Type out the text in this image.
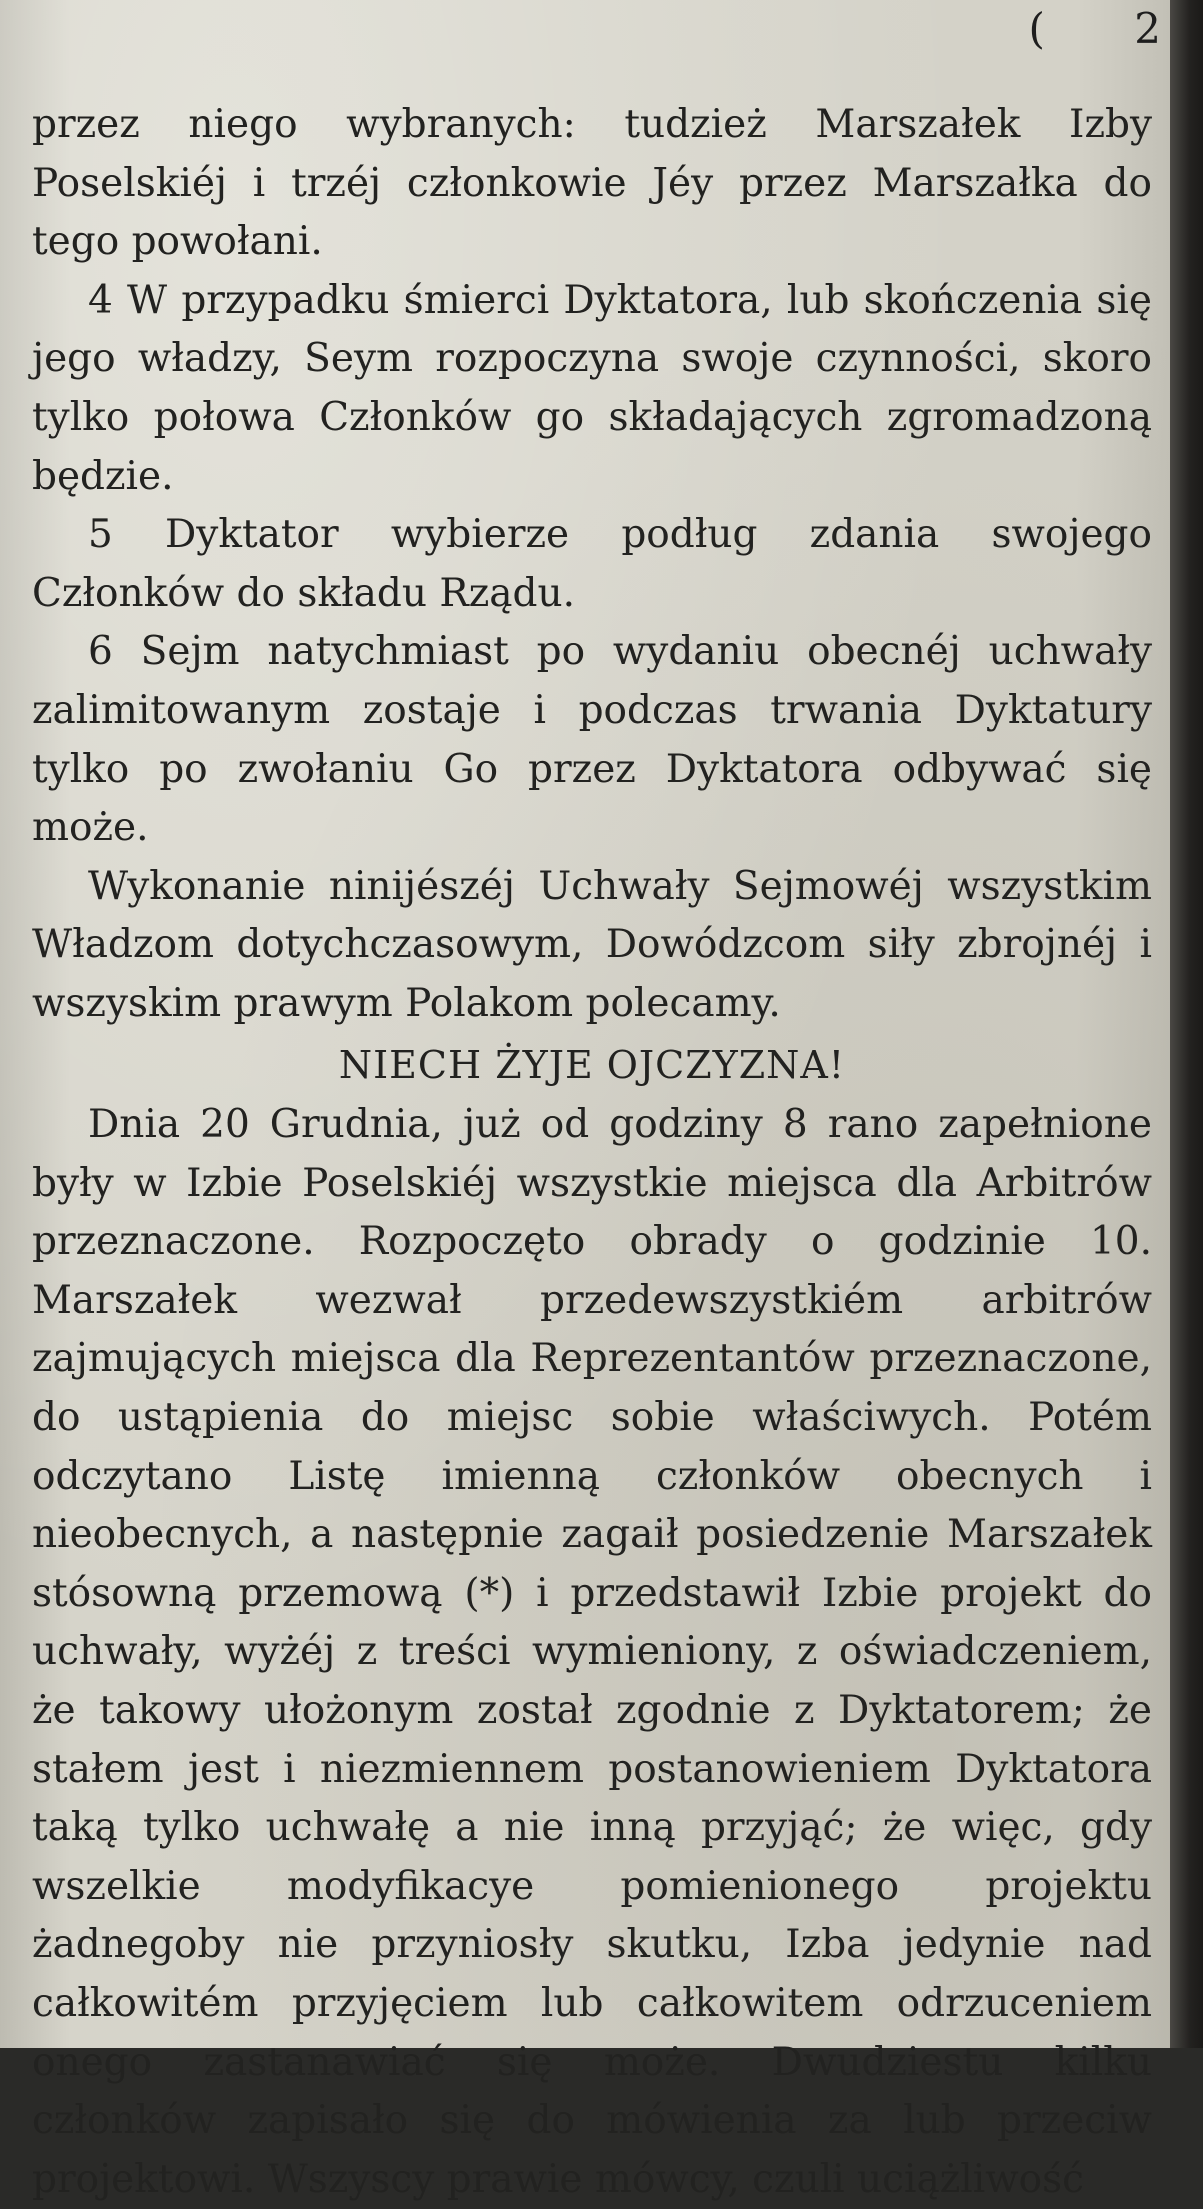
przez niego wybranych: tudzież Marszałek Izby Poselskiéj i trzéj członkowie Jéy przez Marszałka do tego powołani.

4 W przypadku śmierci Dyktatora, lub skończenia się jego władzy, Seym rozpoczyna swoje czynności, skoro tylko połowa Członków go składających zgromadzoną będzie.

5 Dyktator wybierze podług zdania swojego Członków do składu Rządu.

6 Sejm natychmiast po wydaniu obecnéj uchwały zalimitowanym zostaje i podczas trwania Dyktatury tylko po zwołaniu Go przez Dyktatora odbywać się może.

Wykonanie niniјészéj Uchwały Sejmowéj wszystkim Władzom dotychczasowym, Dowódzcom siły zbrojnéj i wszyskim prawym Polakom polecamy.

NIECH ŻYJE OJCZYZNA!

Dnia 20 Grudnia, już od godziny 8 rano zapełnione były w Izbie Poselskiéj wszystkie miejsca dla Arbitrów przeznaczone. Rozpoczęto obrady o godzinie 10. Marszałek wezwał przedewszystkiém arbitrów zajmujących miejsca dla Reprezentantów przeznaczone, do ustąpienia do miejsc sobie właściwych. Potém odczytano Listę imienną członków obecnych i nieobecnych, a następnie zagaił posiedzenie Marszałek stósowną przemową (*) i przedstawił Izbie projekt do uchwały, wyżéj z treści wymieniony, z oświadczeniem, że takowy ułożonym został zgodnie z Dyktatorem; że stałem jest i niezmiennem postanowieniem Dyktatora taką tylko uchwałę a nie inną przyjąć; że więc, gdy wszelkie modyfikacye pomienionego projektu żadnegoby nie przyniosły skutku, Izba jedynie nad całkowitém przyjęciem lub całkowitem odrzuceniem onego zastanawiać się może. Dwudziestu kilku członków zapisało się do mówienia za lub przeciw projektowi. Wszyscy prawie mówcy, czuli uciążliwość

( 2
